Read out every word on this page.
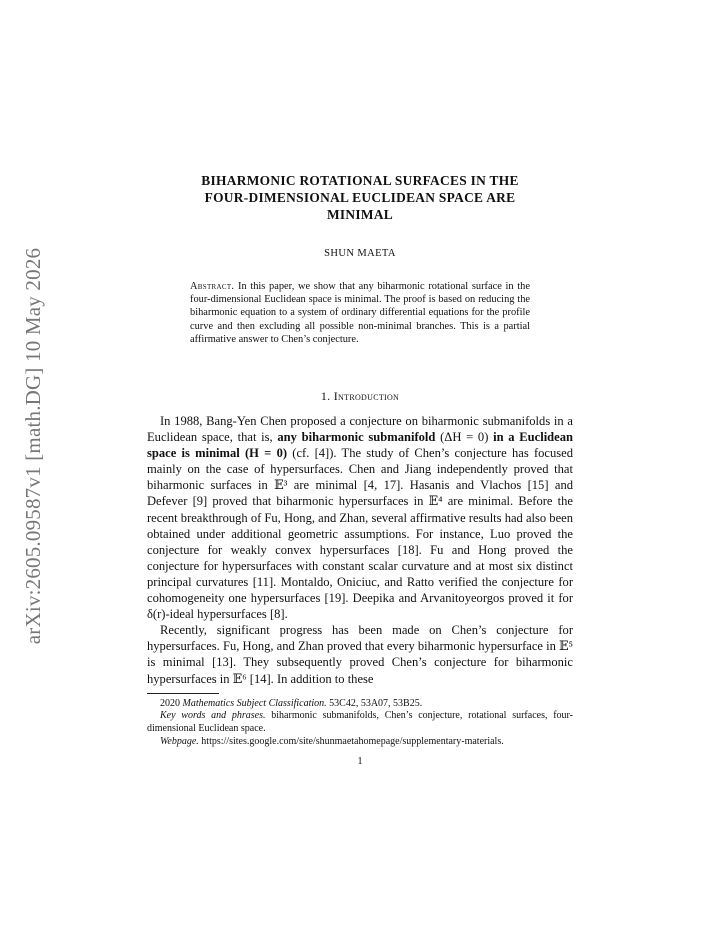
arXiv:2605.09587v1 [math.DG] 10 May 2026
BIHARMONIC ROTATIONAL SURFACES IN THE
FOUR-DIMENSIONAL EUCLIDEAN SPACE ARE
MINIMAL
SHUN MAETA
Abstract. In this paper, we show that any biharmonic rotational surface in the four-dimensional Euclidean space is minimal. The proof is based on reducing the biharmonic equation to a system of ordinary differential equations for the profile curve and then excluding all possible non-minimal branches. This is a partial affirmative answer to Chen’s conjecture.
1. Introduction

In 1988, Bang-Yen Chen proposed a conjecture on biharmonic submanifolds in a Euclidean space, that is, any biharmonic submanifold (ΔH = 0) in a Euclidean space is minimal (H = 0) (cf. [4]). The study of Chen’s conjecture has focused mainly on the case of hypersurfaces. Chen and Jiang independently proved that biharmonic surfaces in 𝔼³ are minimal [4, 17]. Hasanis and Vlachos [15] and Defever [9] proved that biharmonic hypersurfaces in 𝔼⁴ are minimal. Before the recent breakthrough of Fu, Hong, and Zhan, several affirmative results had also been obtained under additional geometric assumptions. For instance, Luo proved the conjecture for weakly convex hypersurfaces [18]. Fu and Hong proved the conjecture for hypersurfaces with constant scalar curvature and at most six distinct principal curvatures [11]. Montaldo, Oniciuc, and Ratto verified the conjecture for cohomogeneity one hypersurfaces [19]. Deepika and Arvanitoyeorgos proved it for δ(r)-ideal hypersurfaces [8].

Recently, significant progress has been made on Chen’s conjecture for hypersurfaces. Fu, Hong, and Zhan proved that every biharmonic hypersurface in 𝔼⁵ is minimal [13]. They subsequently proved Chen’s conjecture for biharmonic hypersurfaces in 𝔼⁶ [14]. In addition to these

2020 Mathematics Subject Classification. 53C42, 53A07, 53B25.

Key words and phrases. biharmonic submanifolds, Chen’s conjecture, rotational surfaces, four-dimensional Euclidean space.

Webpage. https://sites.google.com/site/shunmaetahomepage/supplementary-materials.

1
